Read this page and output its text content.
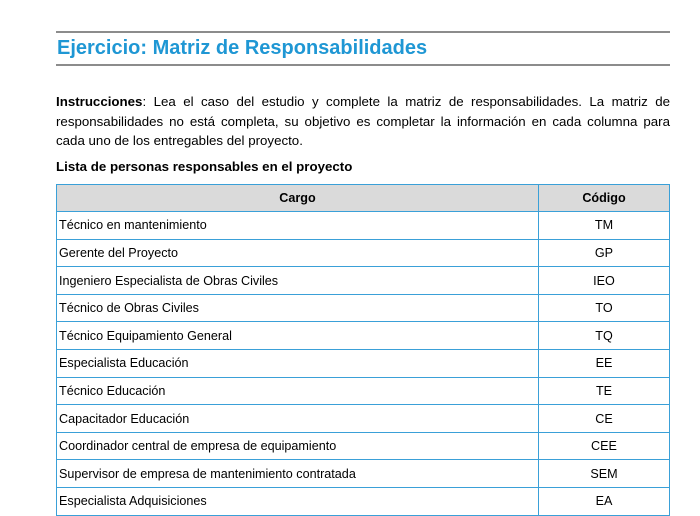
Ejercicio: Matriz de Responsabilidades

Instrucciones: Lea el caso del estudio y complete la matriz de responsabilidades. La matriz de responsabilidades no está completa, su objetivo es completar la información en cada columna para cada uno de los entregables del proyecto.

Lista de personas responsables en el proyecto

Cargo	Código
Técnico en mantenimiento	TM
Gerente del Proyecto	GP
Ingeniero Especialista de Obras Civiles	IEO
Técnico de Obras Civiles	TO
Técnico Equipamiento General	TQ
Especialista Educación	EE
Técnico Educación	TE
Capacitador Educación	CE
Coordinador central de empresa de equipamiento	CEE
Supervisor de empresa de mantenimiento contratada	SEM
Especialista Adquisiciones	EA
